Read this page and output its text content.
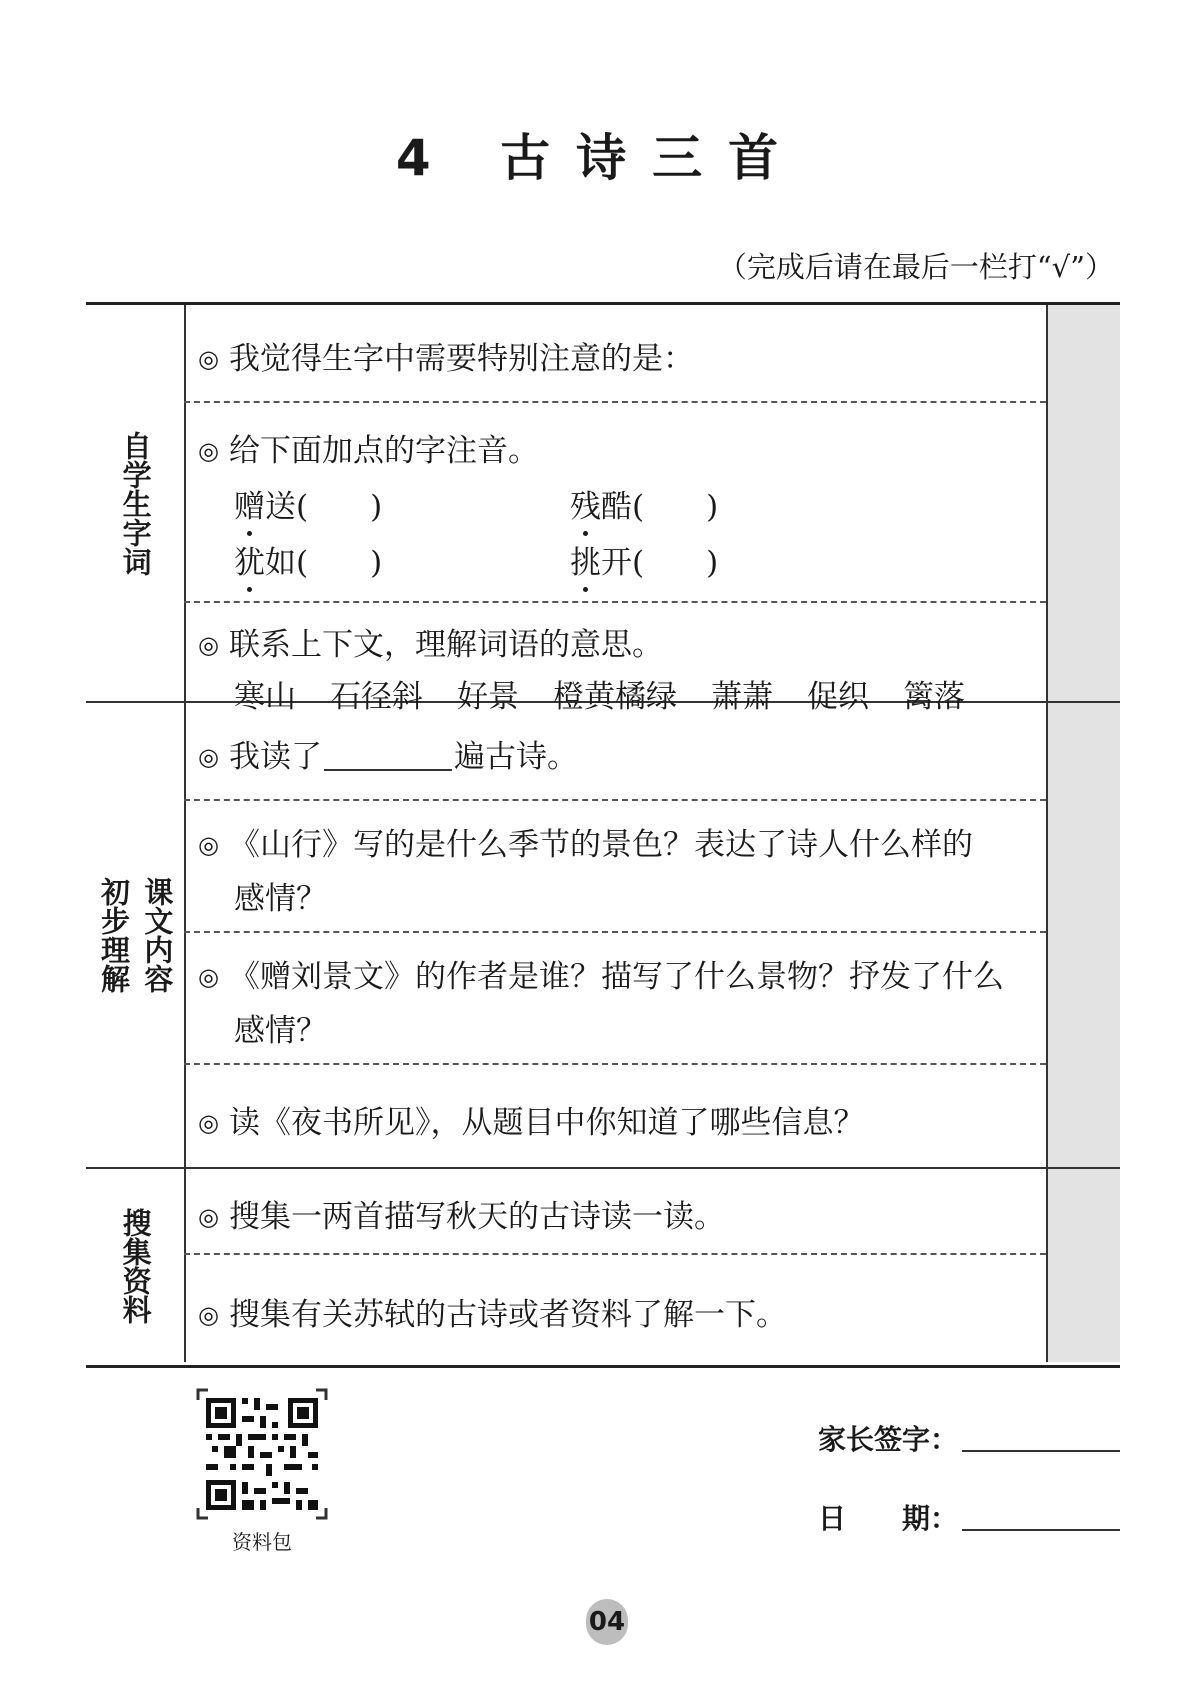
4 古诗三首
（完成后请在最后一栏打“√”）
自学生字词
◎ 我觉得生字中需要特别注意的是：
◎ 给下面加点的字注音。
赠送(　　)	残酷(　　)
犹如(　　)	挑开(　　)
◎ 联系上下文，理解词语的意思。
寒山 石径斜 好景 橙黄橘绿 萧萧 促织 篱落
课文内容
初步理解
◎ 我读了	遍古诗。
◎ 《山行》写的是什么季节的景色？表达了诗人什么样的
感情？
◎ 《赠刘景文》的作者是谁？描写了什么景物？抒发了什么
感情？
◎ 读《夜书所见》，从题目中你知道了哪些信息？
搜集资料 ◎ 搜集一两首描写秋天的古诗读一读。
◎ 搜集有关苏轼的古诗或者资料了解一下。
资料包
家长签字：
日　　期：
04
